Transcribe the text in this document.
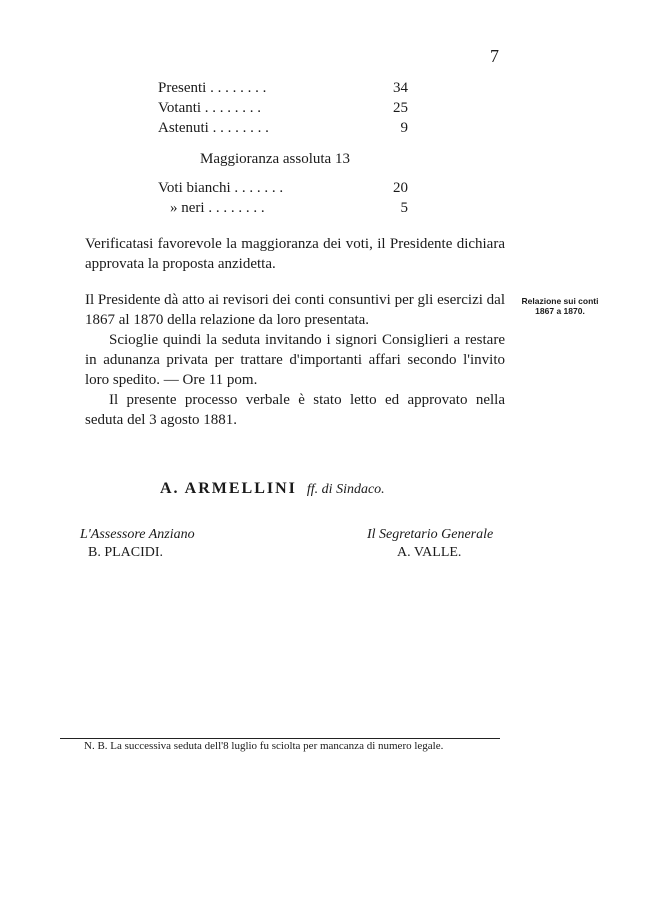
7
Presenti . . . . . . . .	34
Votanti . . . . . . . .	25
Astenuti . . . . . . . .	9
Maggioranza assoluta 13
Voti bianchi . . . . . . .	20
» neri . . . . . . . .	5
Verificatasi favorevole la maggioranza dei voti, il Presidente dichiara approvata la proposta anzidetta.
Il Presidente dà atto ai revisori dei conti consuntivi per gli esercizi dal 1867 al 1870 della relazione da loro presentata.
Relazione sui conti 1867 a 1870.
Scioglie quindi la seduta invitando i signori Consiglieri a restare in adunanza privata per trattare d'importanti affari secondo l'invito loro spedito. — Ore 11 pom.
Il presente processo verbale è stato letto ed approvato nella seduta del 3 agosto 1881.
A. ARMELLINI ff. di Sindaco.
L'Assessore Anziano
B. PLACIDI.
Il Segretario Generale
A. VALLE.
N. B. La successiva seduta dell'8 luglio fu sciolta per mancanza di numero legale.
